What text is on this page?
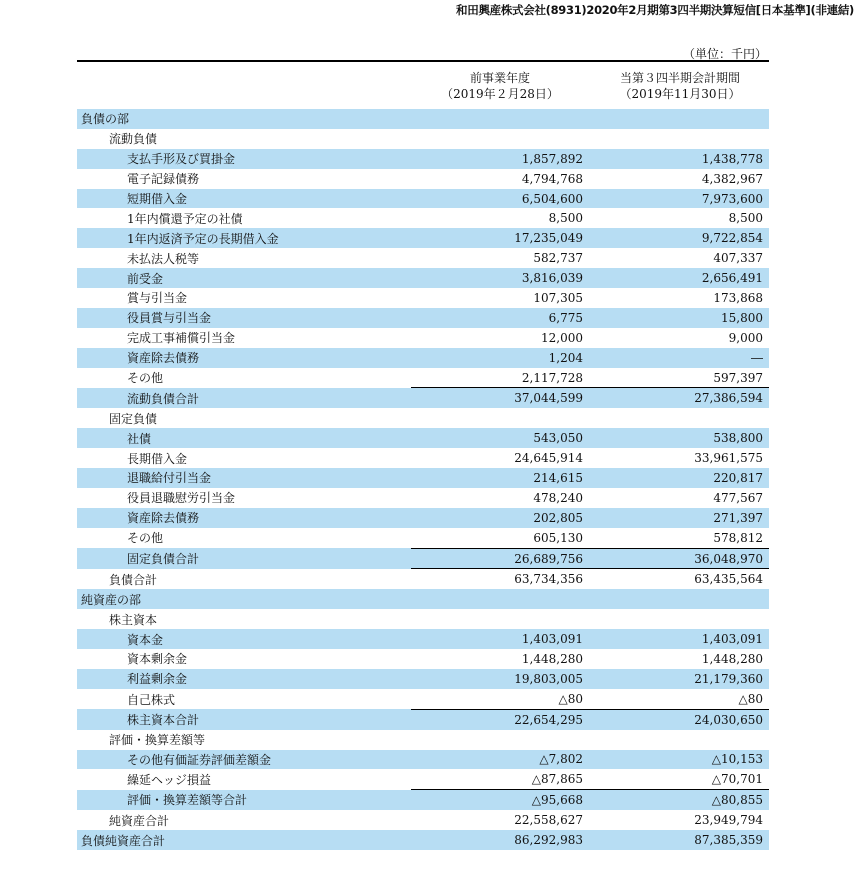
和田興産株式会社(8931)2020年2月期第3四半期決算短信[日本基準](非連結)
（単位：千円）
前事業年度
（2019年２月28日）
当第３四半期会計期間
（2019年11月30日）
負債の部		
流動負債		
支払手形及び買掛金	1,857,892	1,438,778
電子記録債務	4,794,768	4,382,967
短期借入金	6,504,600	7,973,600
1年内償還予定の社債	8,500	8,500
1年内返済予定の長期借入金	17,235,049	9,722,854
未払法人税等	582,737	407,337
前受金	3,816,039	2,656,491
賞与引当金	107,305	173,868
役員賞与引当金	6,775	15,800
完成工事補償引当金	12,000	9,000
資産除去債務	1,204	―
その他	2,117,728	597,397
流動負債合計	37,044,599	27,386,594
固定負債		
社債	543,050	538,800
長期借入金	24,645,914	33,961,575
退職給付引当金	214,615	220,817
役員退職慰労引当金	478,240	477,567
資産除去債務	202,805	271,397
その他	605,130	578,812
固定負債合計	26,689,756	36,048,970
負債合計	63,734,356	63,435,564
純資産の部		
株主資本		
資本金	1,403,091	1,403,091
資本剰余金	1,448,280	1,448,280
利益剰余金	19,803,005	21,179,360
自己株式	△80	△80
株主資本合計	22,654,295	24,030,650
評価・換算差額等		
その他有価証券評価差額金	△7,802	△10,153
繰延ヘッジ損益	△87,865	△70,701
評価・換算差額等合計	△95,668	△80,855
純資産合計	22,558,627	23,949,794
負債純資産合計	86,292,983	87,385,359
